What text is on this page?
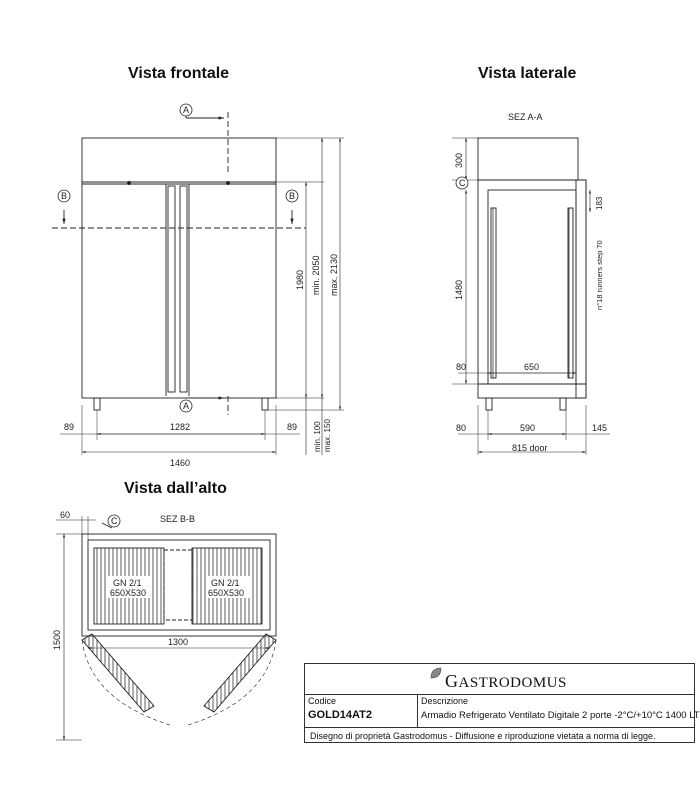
Vista frontale	Vista laterale
Vista dall’alto
A
A
B	B
1282
89	89
1460
1980 min. 2050 max. 2130
min. 100 max. 150
SEZ A-A
C
300
1480
183
n°18 runners step 70
80	650
80	590	145
815 door
SEZ B-B
60
C
GN 2/1
650X530
GN 2/1
650X530
1300
1500
GASTRODOMUS
Codice
GOLD14AT2
Descrizione
Armadio Refrigerato Ventilato Digitale 2 porte -2°C/+10°C 1400 LT
Disegno di proprietà Gastrodomus - Diffusione e riproduzione vietata a norma di legge.
